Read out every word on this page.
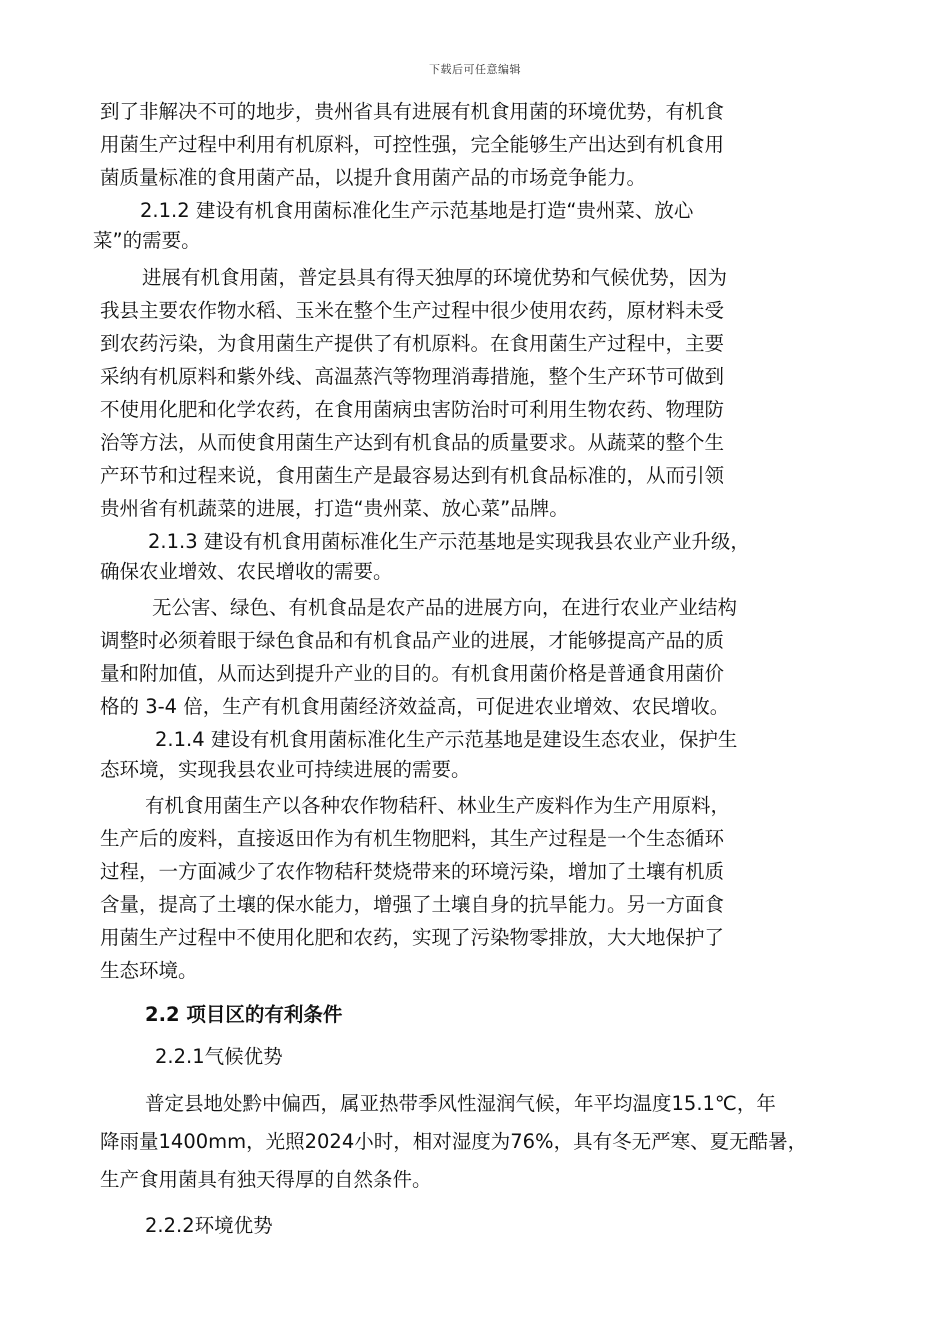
下载后可任意编辑
到了非解决不可的地步，贵州省具有进展有机食用菌的环境优势，有机食
用菌生产过程中利用有机原料，可控性强，完全能够生产出达到有机食用
菌质量标准的食用菌产品，以提升食用菌产品的市场竞争能力。
2.1.2 建设有机食用菌标准化生产示范基地是打造“贵州菜、放心
菜”的需要。
进展有机食用菌，普定县具有得天独厚的环境优势和气候优势，因为
我县主要农作物水稻、玉米在整个生产过程中很少使用农药，原材料未受
到农药污染，为食用菌生产提供了有机原料。在食用菌生产过程中，主要
采纳有机原料和紫外线、高温蒸汽等物理消毒措施，整个生产环节可做到
不使用化肥和化学农药，在食用菌病虫害防治时可利用生物农药、物理防
治等方法，从而使食用菌生产达到有机食品的质量要求。从蔬菜的整个生
产环节和过程来说，食用菌生产是最容易达到有机食品标准的，从而引领
贵州省有机蔬菜的进展，打造“贵州菜、放心菜”品牌。
2.1.3 建设有机食用菌标准化生产示范基地是实现我县农业产业升级，
确保农业增效、农民增收的需要。
无公害、绿色、有机食品是农产品的进展方向，在进行农业产业结构
调整时必须着眼于绿色食品和有机食品产业的进展，才能够提高产品的质
量和附加值，从而达到提升产业的目的。有机食用菌价格是普通食用菌价
格的 3-4 倍，生产有机食用菌经济效益高，可促进农业增效、农民增收。
2.1.4 建设有机食用菌标准化生产示范基地是建设生态农业，保护生
态环境，实现我县农业可持续进展的需要。
有机食用菌生产以各种农作物秸秆、林业生产废料作为生产用原料，
生产后的废料，直接返田作为有机生物肥料，其生产过程是一个生态循环
过程，一方面减少了农作物秸秆焚烧带来的环境污染，增加了土壤有机质
含量，提高了土壤的保水能力，增强了土壤自身的抗旱能力。另一方面食
用菌生产过程中不使用化肥和农药，实现了污染物零排放，大大地保护了
生态环境。
2.2 项目区的有利条件
2.2.1气候优势
普定县地处黔中偏西，属亚热带季风性湿润气候，年平均温度15.1℃，年
降雨量1400mm，光照2024小时，相对湿度为76%，具有冬无严寒、夏无酷暑，
生产食用菌具有独天得厚的自然条件。
2.2.2环境优势
